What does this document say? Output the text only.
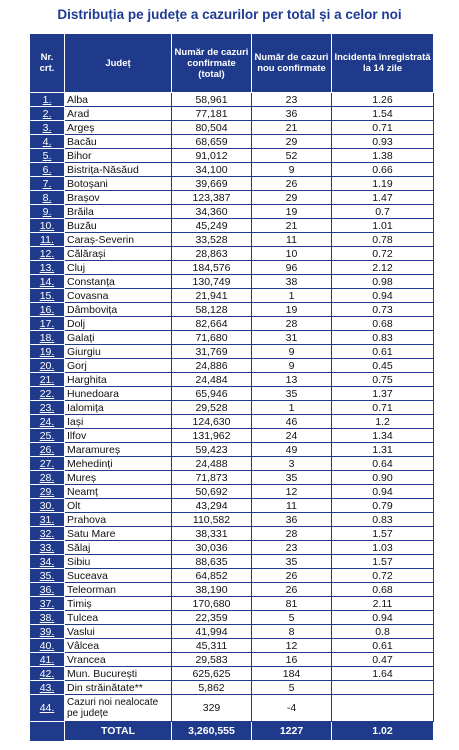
Distribuția pe județe a cazurilor per total și a celor noi
Nr. crt.	Județ	Număr de cazuri confirmate (total)	Număr de cazuri nou confirmate	Incidența înregistrată la 14 zile
1.	Alba	58,961	23	1.26
2.	Arad	77,181	36	1.54
3.	Argeș	80,504	21	0.71
4.	Bacău	68,659	29	0.93
5.	Bihor	91,012	52	1.38
6.	Bistrița-Năsăud	34,100	9	0.66
7.	Botoșani	39,669	26	1.19
8.	Brașov	123,387	29	1.47
9.	Brăila	34,360	19	0.7
10.	Buzău	45,249	21	1.01
11.	Caraș-Severin	33,528	11	0.78
12.	Călărași	28,863	10	0.72
13.	Cluj	184,576	96	2.12
14.	Constanța	130,749	38	0.98
15.	Covasna	21,941	1	0.94
16.	Dâmbovița	58,128	19	0.73
17.	Dolj	82,664	28	0.68
18.	Galați	71,680	31	0.83
19.	Giurgiu	31,769	9	0.61
20.	Gorj	24,886	9	0.45
21.	Harghita	24,484	13	0.75
22.	Hunedoara	65,946	35	1.37
23.	Ialomița	29,528	1	0.71
24.	Iași	124,630	46	1.2
25.	Ilfov	131,962	24	1.34
26.	Maramureș	59,423	49	1.31
27.	Mehedinți	24,488	3	0.64
28.	Mureș	71,873	35	0.90
29.	Neamț	50,692	12	0.94
30.	Olt	43,294	11	0.79
31.	Prahova	110,582	36	0.83
32.	Satu Mare	38,331	28	1.57
33.	Sălaj	30,036	23	1.03
34.	Sibiu	88,635	35	1.57
35.	Suceava	64,852	26	0.72
36.	Teleorman	38,190	26	0.68
37.	Timiș	170,680	81	2.11
38.	Tulcea	22,359	5	0.94
39.	Vaslui	41,994	8	0.8
40.	Vâlcea	45,311	12	0.61
41.	Vrancea	29,583	16	0.47
42.	Mun. București	625,625	184	1.64
43.	Din străinătate**	5,862	5	
44.	Cazuri noi nealocate pe județe	329	-4	
	TOTAL	3,260,555	1227	1.02
